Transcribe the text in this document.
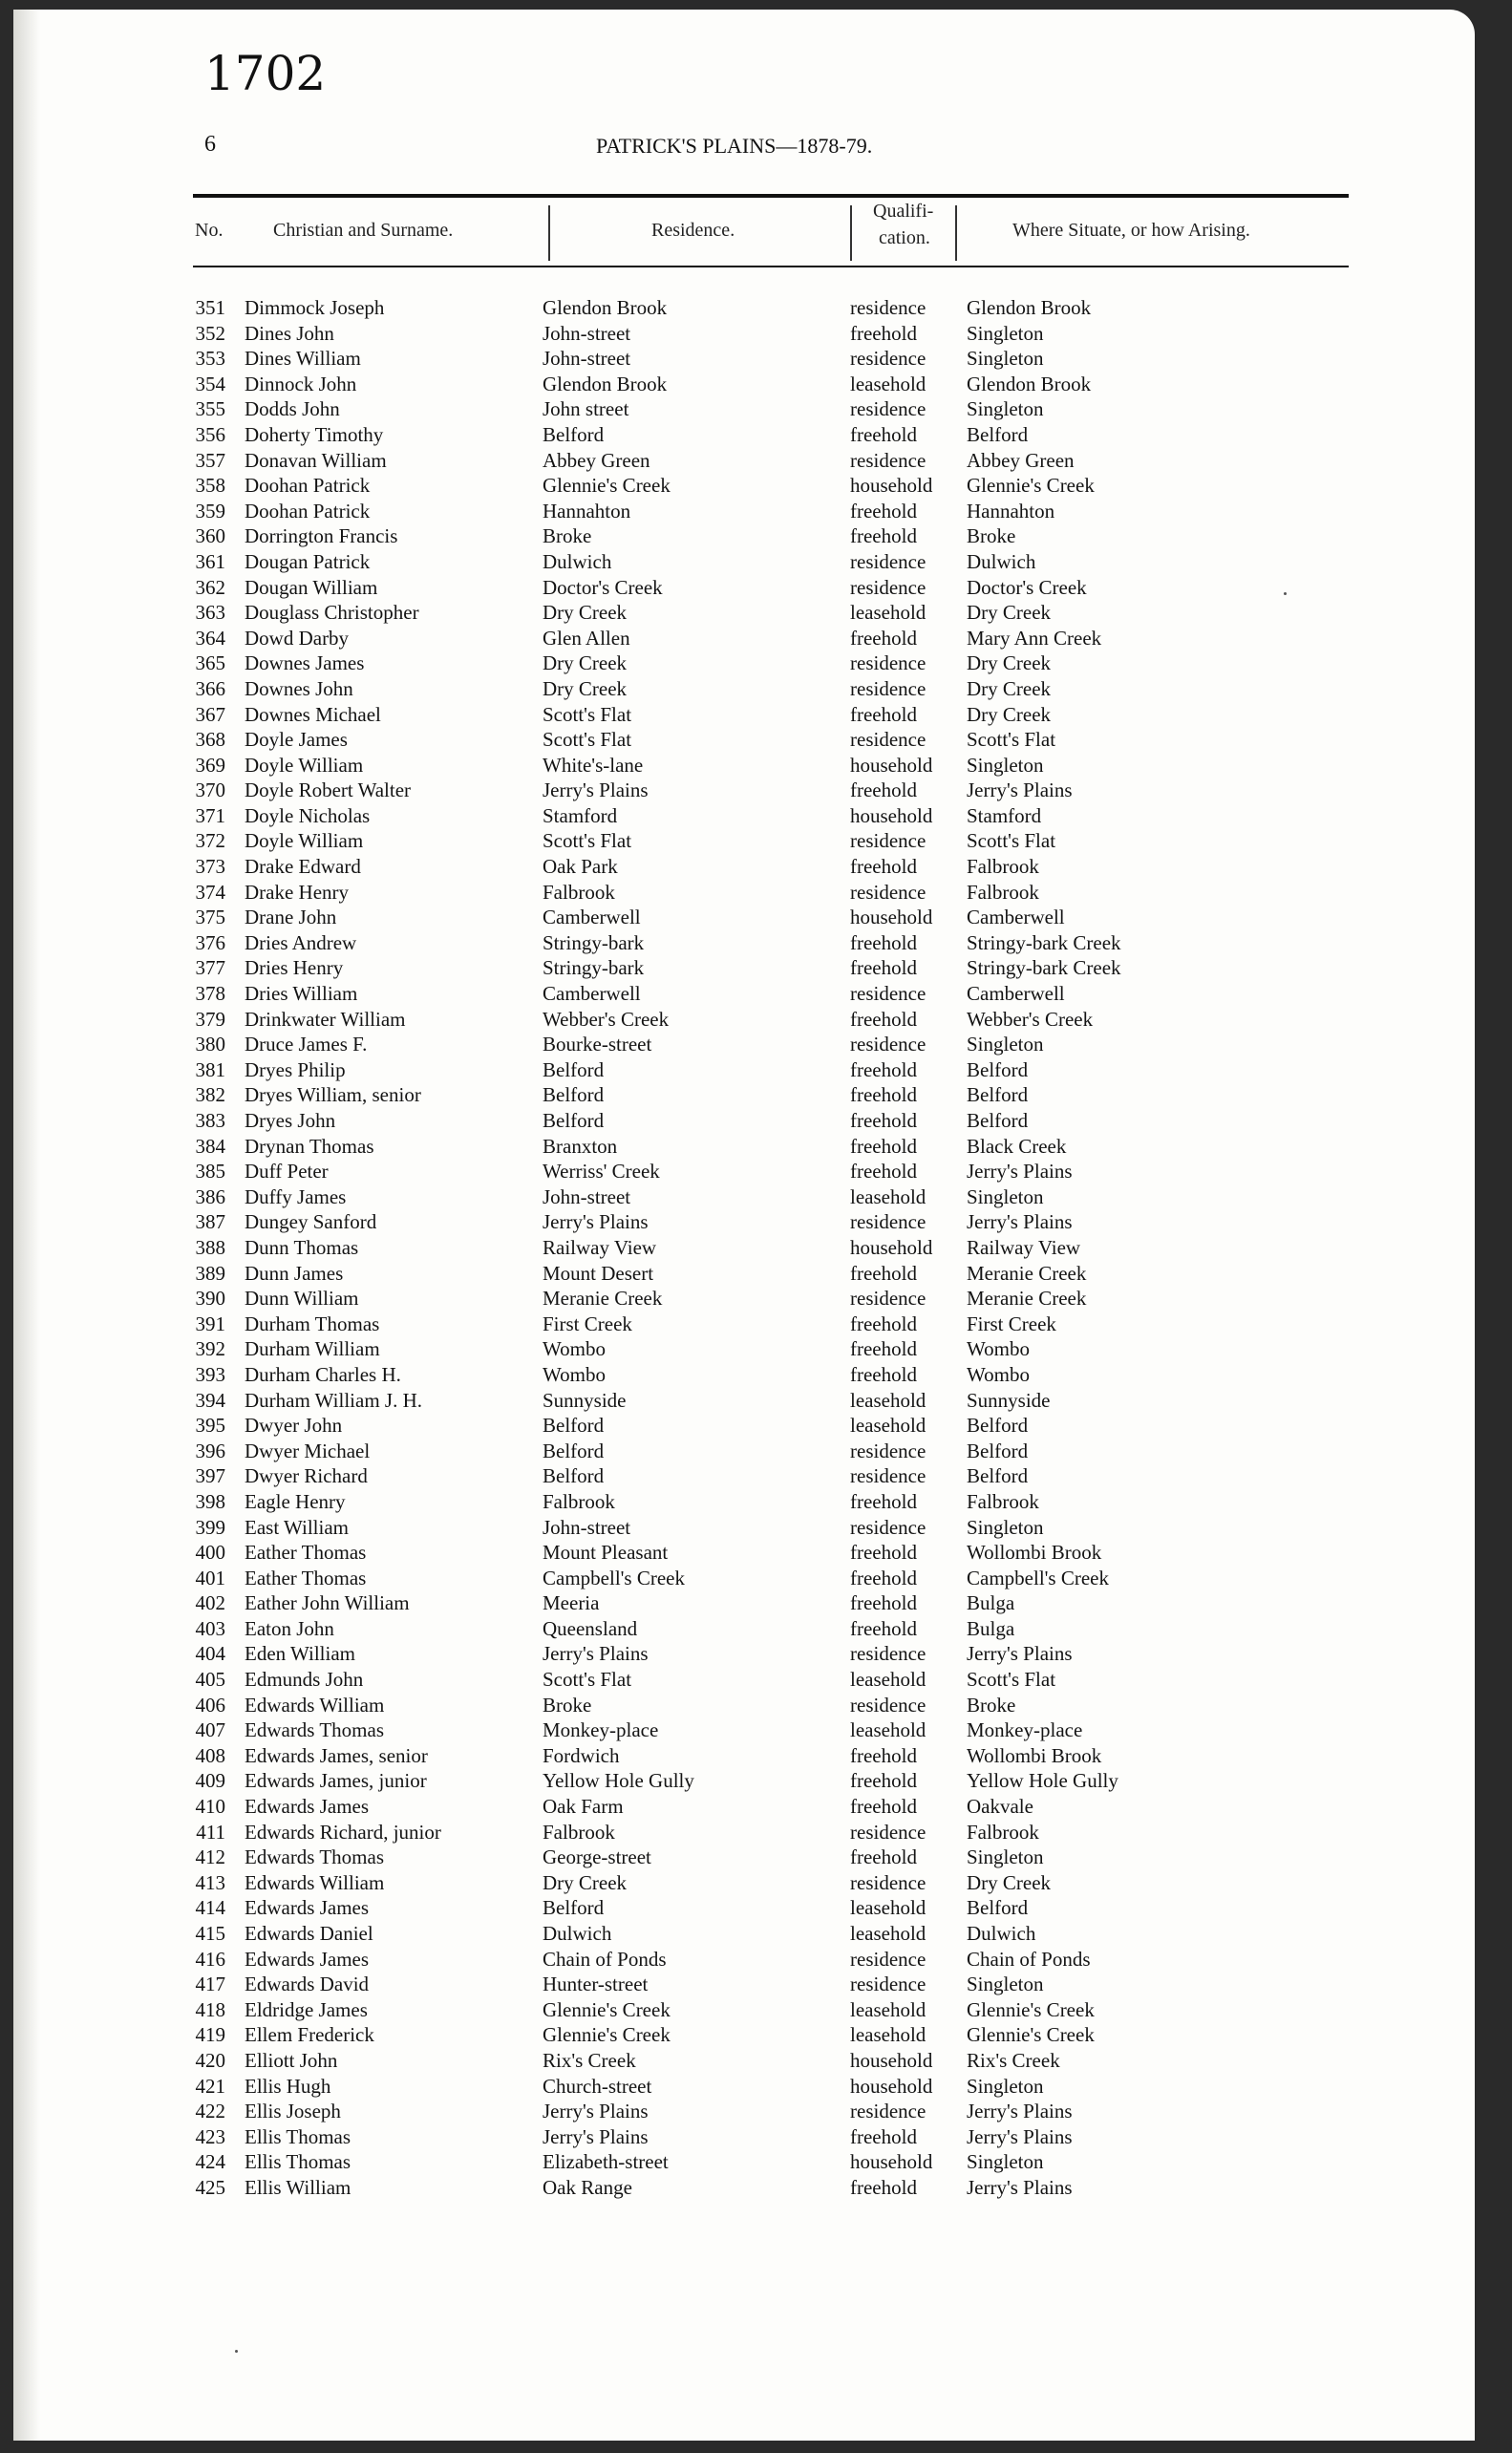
1702
6	PATRICK'S PLAINS—1878-79.
No.	Christian and Surname.	Residence.
Qualifi-
cation.	Where Situate, or how Arising.
351 Dimmock Joseph	Glendon Brook	residence Glendon Brook
352 Dines John	John-street	freehold Singleton
353 Dines William	John-street	residence Singleton
354 Dinnock John	Glendon Brook	leasehold Glendon Brook
355 Dodds John	John street	residence Singleton
356 Doherty Timothy	Belford	freehold Belford
357 Donavan William	Abbey Green	residence Abbey Green
358 Doohan Patrick	Glennie's Creek	household Glennie's Creek
359 Doohan Patrick	Hannahton	freehold Hannahton
360 Dorrington Francis	Broke	freehold Broke
361 Dougan Patrick	Dulwich	residence Dulwich
362 Dougan William	Doctor's Creek	residence Doctor's Creek
363 Douglass Christopher	Dry Creek	leasehold Dry Creek
364 Dowd Darby	Glen Allen	freehold Mary Ann Creek
365 Downes James	Dry Creek	residence Dry Creek
366 Downes John	Dry Creek	residence Dry Creek
367 Downes Michael	Scott's Flat	freehold Dry Creek
368 Doyle James	Scott's Flat	residence Scott's Flat
369 Doyle William	White's-lane	household Singleton
370 Doyle Robert Walter	Jerry's Plains	freehold Jerry's Plains
371 Doyle Nicholas	Stamford	household Stamford
372 Doyle William	Scott's Flat	residence Scott's Flat
373 Drake Edward	Oak Park	freehold Falbrook
374 Drake Henry	Falbrook	residence Falbrook
375 Drane John	Camberwell	household Camberwell
376 Dries Andrew	Stringy-bark	freehold Stringy-bark Creek
377 Dries Henry	Stringy-bark	freehold Stringy-bark Creek
378 Dries William	Camberwell	residence Camberwell
379 Drinkwater William	Webber's Creek	freehold Webber's Creek
380 Druce James F.	Bourke-street	residence Singleton
381 Dryes Philip	Belford	freehold Belford
382 Dryes William, senior	Belford	freehold Belford
383 Dryes John	Belford	freehold Belford
384 Drynan Thomas	Branxton	freehold Black Creek
385 Duff Peter	Werriss' Creek	freehold Jerry's Plains
386 Duffy James	John-street	leasehold Singleton
387 Dungey Sanford	Jerry's Plains	residence Jerry's Plains
388 Dunn Thomas	Railway View	household Railway View
389 Dunn James	Mount Desert	freehold Meranie Creek
390 Dunn William	Meranie Creek	residence Meranie Creek
391 Durham Thomas	First Creek	freehold First Creek
392 Durham William	Wombo	freehold Wombo
393 Durham Charles H.	Wombo	freehold Wombo
394 Durham William J. H.	Sunnyside	leasehold Sunnyside
395 Dwyer John	Belford	leasehold Belford
396 Dwyer Michael	Belford	residence Belford
397 Dwyer Richard	Belford	residence Belford
398 Eagle Henry	Falbrook	freehold Falbrook
399 East William	John-street	residence Singleton
400 Eather Thomas	Mount Pleasant	freehold Wollombi Brook
401 Eather Thomas	Campbell's Creek	freehold Campbell's Creek
402 Eather John William	Meeria	freehold Bulga
403 Eaton John	Queensland	freehold Bulga
404 Eden William	Jerry's Plains	residence Jerry's Plains
405 Edmunds John	Scott's Flat	leasehold Scott's Flat
406 Edwards William	Broke	residence Broke
407 Edwards Thomas	Monkey-place	leasehold Monkey-place
408 Edwards James, senior	Fordwich	freehold Wollombi Brook
409 Edwards James, junior	Yellow Hole Gully	freehold Yellow Hole Gully
410 Edwards James	Oak Farm	freehold Oakvale
411 Edwards Richard, junior	Falbrook	residence Falbrook
412 Edwards Thomas	George-street	freehold Singleton
413 Edwards William	Dry Creek	residence Dry Creek
414 Edwards James	Belford	leasehold Belford
415 Edwards Daniel	Dulwich	leasehold Dulwich
416 Edwards James	Chain of Ponds	residence Chain of Ponds
417 Edwards David	Hunter-street	residence Singleton
418 Eldridge James	Glennie's Creek	leasehold Glennie's Creek
419 Ellem Frederick	Glennie's Creek	leasehold Glennie's Creek
420 Elliott John	Rix's Creek	household Rix's Creek
421 Ellis Hugh	Church-street	household Singleton
422 Ellis Joseph	Jerry's Plains	residence Jerry's Plains
423 Ellis Thomas	Jerry's Plains	freehold Jerry's Plains
424 Ellis Thomas	Elizabeth-street	household Singleton
425 Ellis William	Oak Range	freehold Jerry's Plains
